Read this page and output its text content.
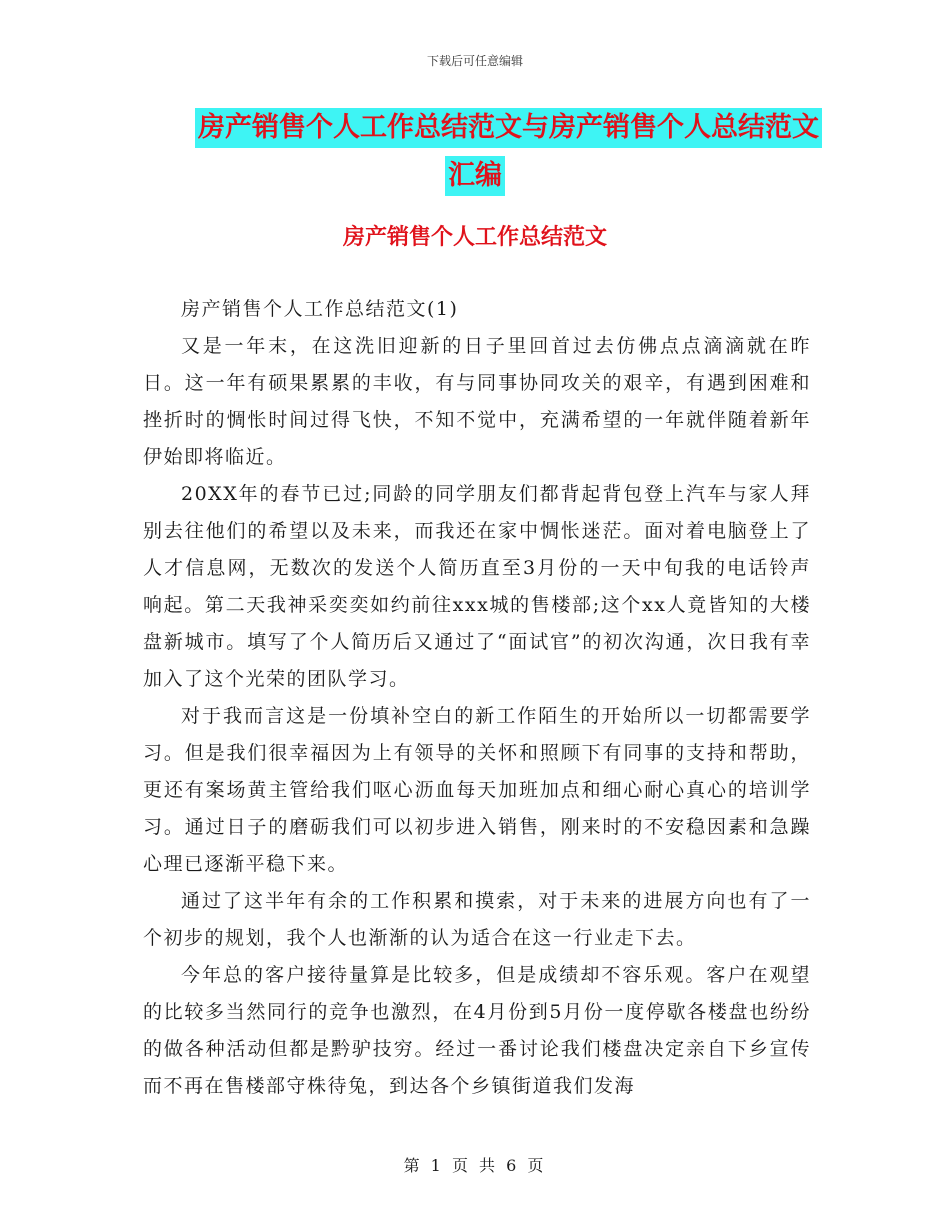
下载后可任意编辑
房产销售个人工作总结范文与房产销售个人总结范文
汇编
房产销售个人工作总结范文

房产销售个人工作总结范文(1)

又是一年末，在这洗旧迎新的日子里回首过去仿佛点点滴滴就在昨日。这一年有硕果累累的丰收，有与同事协同攻关的艰辛，有遇到困难和挫折时的惆怅时间过得飞快，不知不觉中，充满希望的一年就伴随着新年伊始即将临近。

20XX年的春节已过;同龄的同学朋友们都背起背包登上汽车与家人拜别去往他们的希望以及未来，而我还在家中惆怅迷茫。面对着电脑登上了人才信息网，无数次的发送个人简历直至3月份的一天中旬我的电话铃声响起。第二天我神采奕奕如约前往xxx城的售楼部;这个xx人竟皆知的大楼盘新城市。填写了个人简历后又通过了“面试官”的初次沟通，次日我有幸加入了这个光荣的团队学习。

对于我而言这是一份填补空白的新工作陌生的开始所以一切都需要学习。但是我们很幸福因为上有领导的关怀和照顾下有同事的支持和帮助，更还有案场黄主管给我们呕心沥血每天加班加点和细心耐心真心的培训学习。通过日子的磨砺我们可以初步进入销售，刚来时的不安稳因素和急躁心理已逐渐平稳下来。

通过了这半年有余的工作积累和摸索，对于未来的进展方向也有了一个初步的规划，我个人也渐渐的认为适合在这一行业走下去。

今年总的客户接待量算是比较多，但是成绩却不容乐观。客户在观望的比较多当然同行的竞争也激烈，在4月份到5月份一度停歇各楼盘也纷纷的做各种活动但都是黔驴技穷。经过一番讨论我们楼盘决定亲自下乡宣传而不再在售楼部守株待兔，到达各个乡镇街道我们发海

第 1 页 共 6 页
